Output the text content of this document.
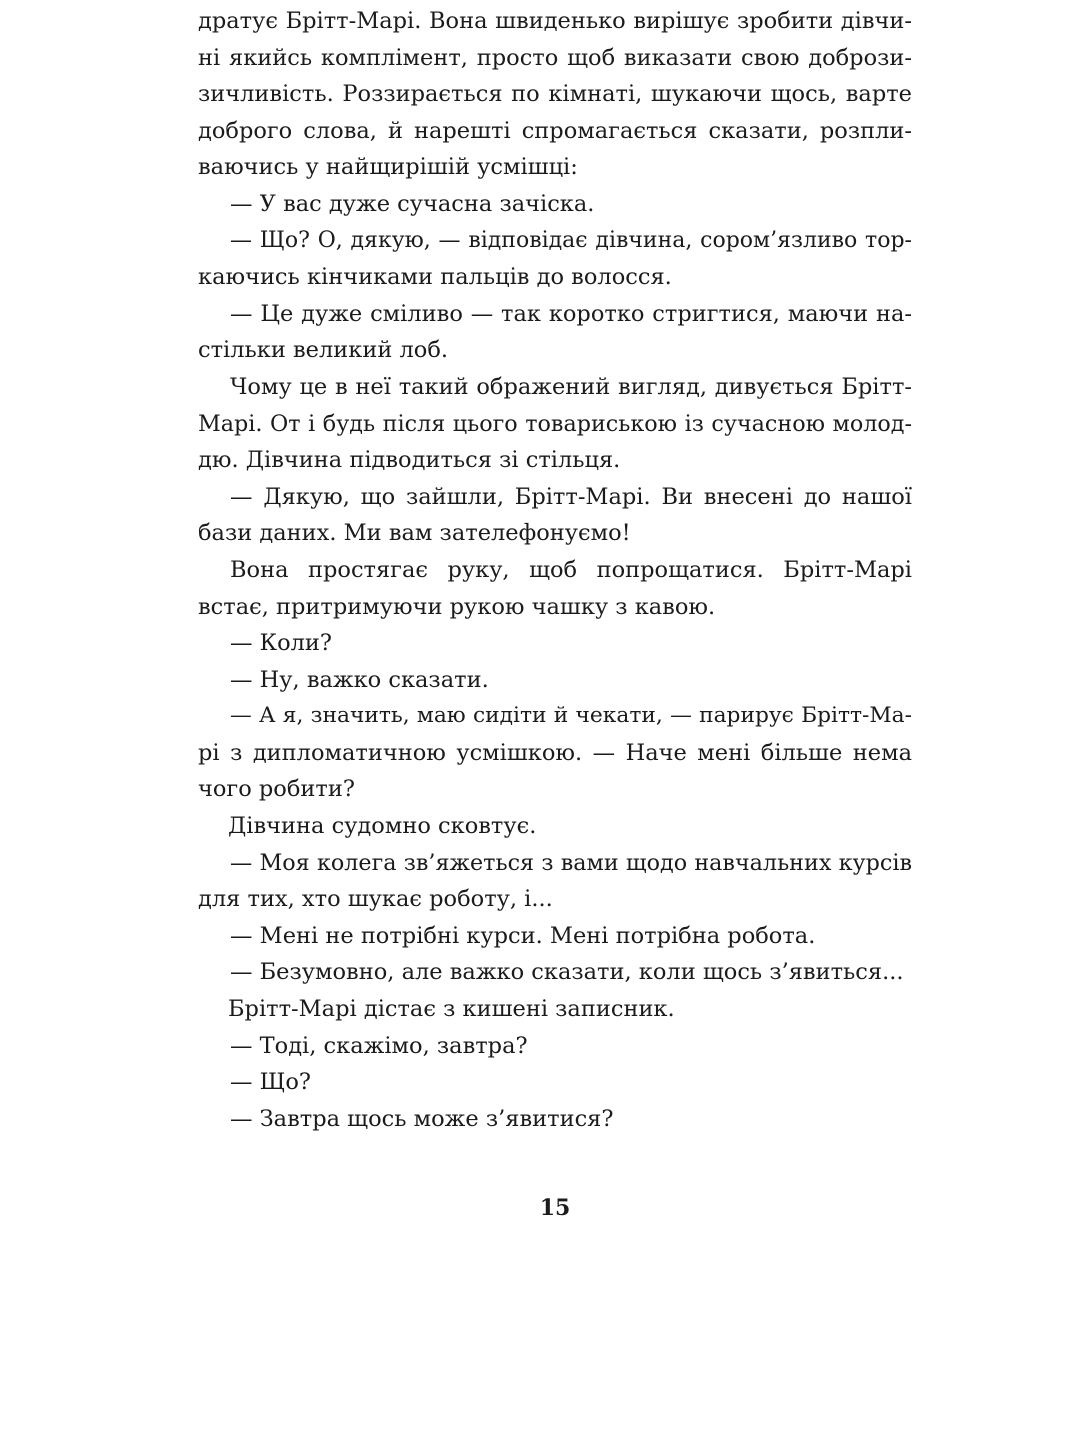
дратує Брітт-Марі. Вона швиденько вирішує зробити дівчи-
ні якийсь комплімент, просто щоб виказати свою добрози-
зичливість. Роззирається по кімнаті, шукаючи щось, варте
доброго слова, й нарешті спромагається сказати, розпли-
ваючись у найщирішій усмішці:
— У вас дуже сучасна зачіска.
— Що? О, дякую, — відповідає дівчина, сором’язливо тор-
каючись кінчиками пальців до волосся.
— Це дуже сміливо — так коротко стригтися, маючи на-
стільки великий лоб.
Чому це в неї такий ображений вигляд, дивується Брітт-
Марі. От і будь після цього товариською із сучасною молод-
дю. Дівчина підводиться зі стільця.
— Дякую, що зайшли, Брітт-Марі. Ви внесені до нашої
бази даних. Ми вам зателефонуємо!
Вона простягає руку, щоб попрощатися. Брітт-Марі
встає, притримуючи рукою чашку з кавою.
— Коли?
— Ну, важко сказати.
— А я, значить, маю сидіти й чекати, — парирує Брітт-Ма-
рі з дипломатичною усмішкою. — Наче мені більше нема
чого робити?
Дівчина судомно сковтує.
— Моя колега зв’яжеться з вами щодо навчальних курсів
для тих, хто шукає роботу, і...
— Мені не потрібні курси. Мені потрібна робота.
— Безумовно, але важко сказати, коли щось з’явиться...
Брітт-Марі дістає з кишені записник.
— Тоді, скажімо, завтра?
— Що?
— Завтра щось може з’явитися?
15
